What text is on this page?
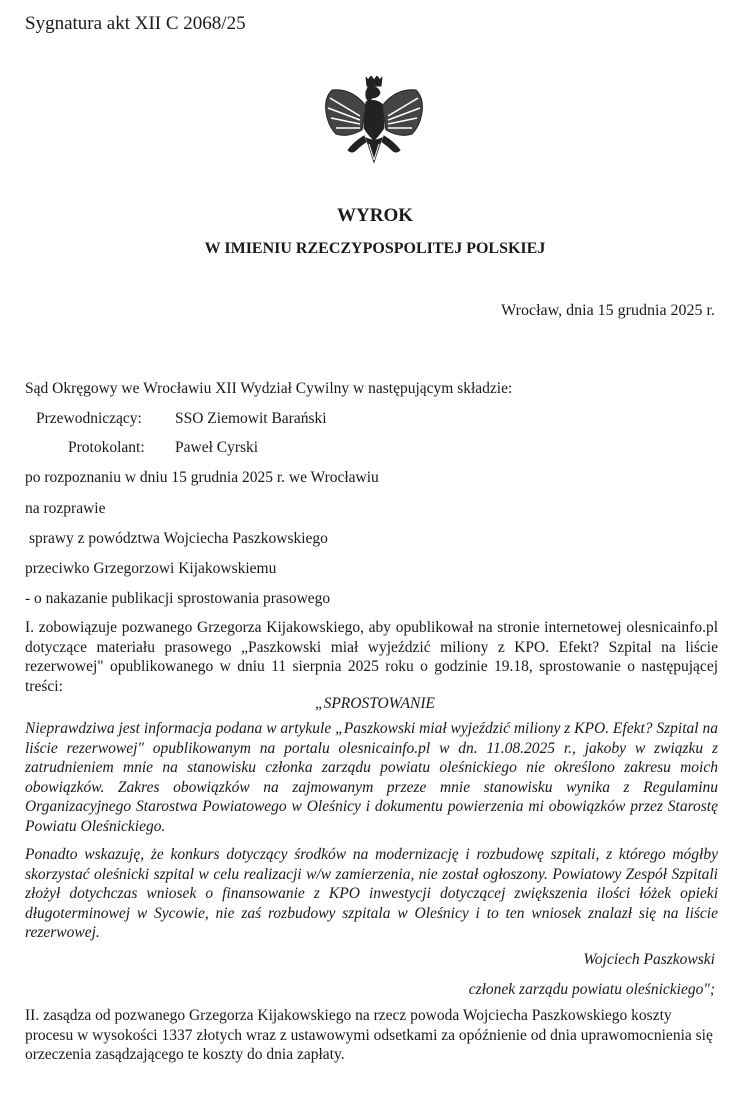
Sygnatura akt XII C 2068/25
WYROK
W IMIENIU RZECZYPOSPOLITEJ POLSKIEJ
Wrocław, dnia 15 grudnia 2025 r.
Sąd Okręgowy we Wrocławiu XII Wydział Cywilny w następującym składzie:
Przewodniczący: SSO Ziemowit Barański
Protokolant: Paweł Cyrski
po rozpoznaniu w dniu 15 grudnia 2025 r. we Wrocławiu
na rozprawie
sprawy z powództwa Wojciecha Paszkowskiego
przeciwko Grzegorzowi Kijakowskiemu
- o nakazanie publikacji sprostowania prasowego
I. zobowiązuje pozwanego Grzegorza Kijakowskiego, aby opublikował na stronie internetowej olesnicainfo.pl dotyczące materiału prasowego „Paszkowski miał wyjeździć miliony z KPO. Efekt? Szpital na liście rezerwowej" opublikowanego w dniu 11 sierpnia 2025 roku o godzinie 19.18, sprostowanie o następującej treści:
„SPROSTOWANIE
Nieprawdziwa jest informacja podana w artykule „Paszkowski miał wyjeździć miliony z KPO. Efekt? Szpital na liście rezerwowej" opublikowanym na portalu olesnicainfo.pl w dn. 11.08.2025 r., jakoby w związku z zatrudnieniem mnie na stanowisku członka zarządu powiatu oleśnickiego nie określono zakresu moich obowiązków. Zakres obowiązków na zajmowanym przeze mnie stanowisku wynika z Regulaminu Organizacyjnego Starostwa Powiatowego w Oleśnicy i dokumentu powierzenia mi obowiązków przez Starostę Powiatu Oleśnickiego.
Ponadto wskazuję, że konkurs dotyczący środków na modernizację i rozbudowę szpitali, z którego mógłby skorzystać oleśnicki szpital w celu realizacji w/w zamierzenia, nie został ogłoszony. Powiatowy Zespół Szpitali złożył dotychczas wniosek o finansowanie z KPO inwestycji dotyczącej zwiększenia ilości łóżek opieki długoterminowej w Sycowie, nie zaś rozbudowy szpitala w Oleśnicy i to ten wniosek znalazł się na liście rezerwowej.
Wojciech Paszkowski
członek zarządu powiatu oleśnickiego";
II. zasądza od pozwanego Grzegorza Kijakowskiego na rzecz powoda Wojciecha Paszkowskiego koszty procesu w wysokości 1337 złotych wraz z ustawowymi odsetkami za opóźnienie od dnia uprawomocnienia się orzeczenia zasądzającego te koszty do dnia zapłaty.
